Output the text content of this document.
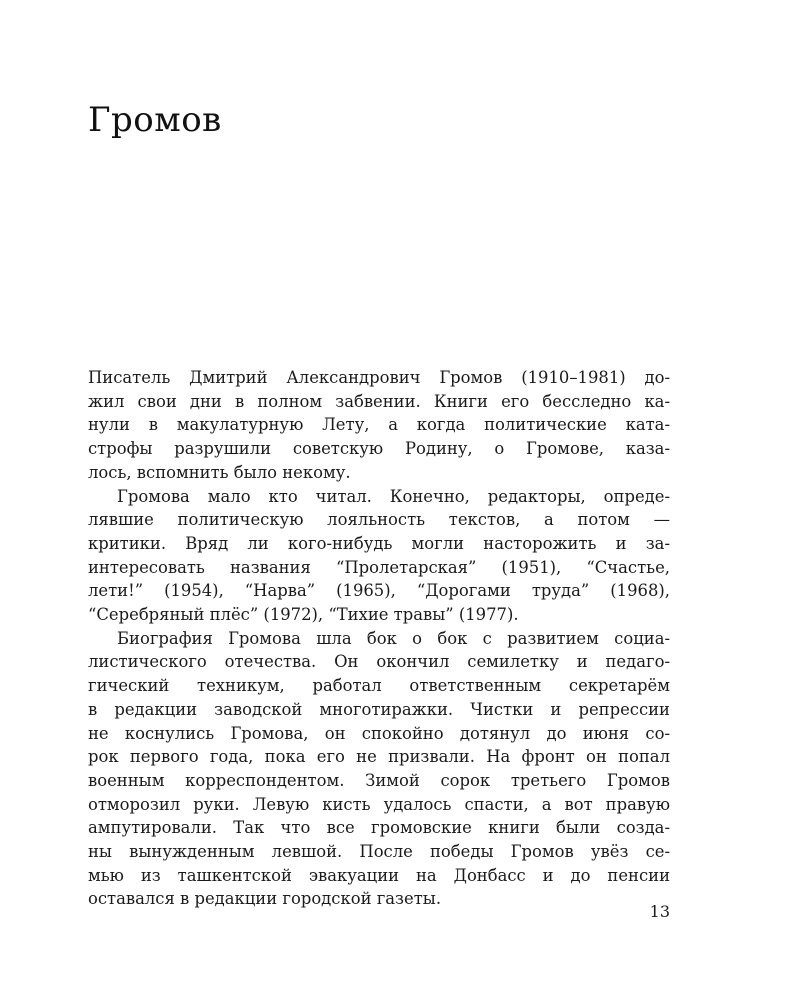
Громов
Писатель Дмитрий Александрович Громов (1910–1981) до-
жил свои дни в полном забвении. Книги его бесследно ка-
нули в макулатурную Лету, а когда политические ката-
строфы разрушили советскую Родину, о Громове, каза-
лось, вспомнить было некому.
Громова мало кто читал. Конечно, редакторы, опреде-
лявшие политическую лояльность текстов, а потом —
критики. Вряд ли кого-нибудь могли насторожить и за-
интересовать названия “Пролетарская” (1951), “Счастье,
лети!” (1954), “Нарва” (1965), “Дорогами труда” (1968),
“Серебряный плёс” (1972), “Тихие травы” (1977).
Биография Громова шла бок о бок с развитием социа-
листического отечества. Он окончил семилетку и педаго-
гический техникум, работал ответственным секретарём
в редакции заводской многотиражки. Чистки и репрессии
не коснулись Громова, он спокойно дотянул до июня со-
рок первого года, пока его не призвали. На фронт он попал
военным корреспондентом. Зимой сорок третьего Громов
отморозил руки. Левую кисть удалось спасти, а вот правую
ампутировали. Так что все громовские книги были созда-
ны вынужденным левшой. После победы Громов увёз се-
мью из ташкентской эвакуации на Донбасс и до пенсии
оставался в редакции городской газеты.
13
